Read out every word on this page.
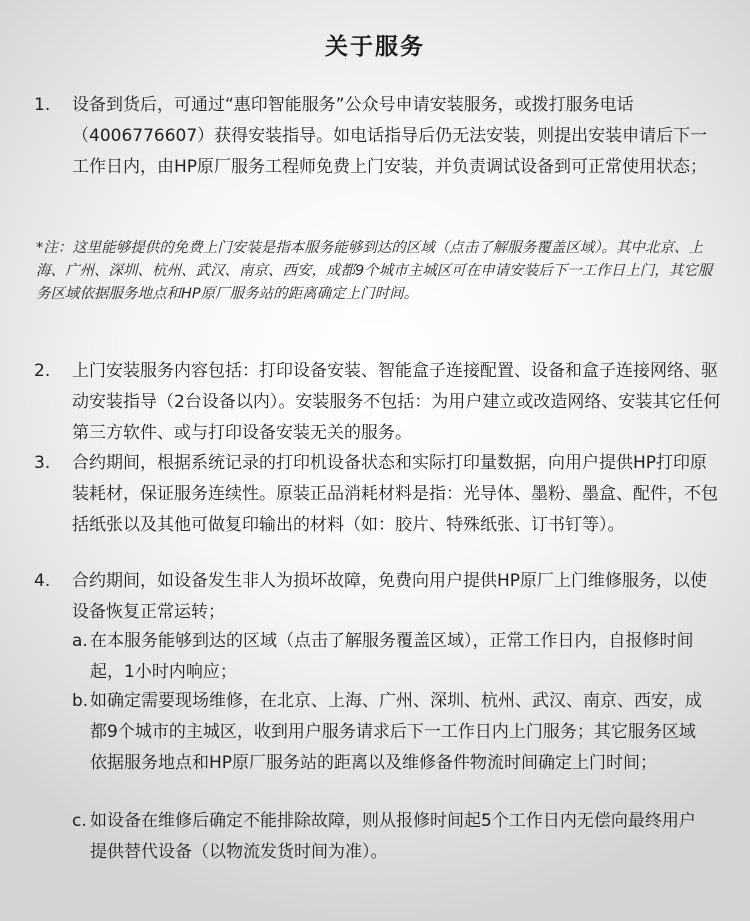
关于服务
1.	设备到货后，可通过“惠印智能服务”公众号申请安装服务，或拨打服务电话（4006776607）获得安装指导。如电话指导后仍无法安装，则提出安装申请后下一工作日内，由HP原厂服务工程师免费上门安装，并负责调试设备到可正常使用状态；
*注：这里能够提供的免费上门安装是指本服务能够到达的区域（点击了解服务覆盖区域）。其中北京、上海、广州、深圳、杭州、武汉、南京、西安，成都9个城市主城区可在申请安装后下一工作日上门，其它服务区域依据服务地点和HP原厂服务站的距离确定上门时间。
2.	上门安装服务内容包括：打印设备安装、智能盒子连接配置、设备和盒子连接网络、驱动安装指导（2台设备以内）。安装服务不包括：为用户建立或改造网络、安装其它任何第三方软件、或与打印设备安装无关的服务。
3.	合约期间，根据系统记录的打印机设备状态和实际打印量数据，向用户提供HP打印原装耗材，保证服务连续性。原装正品消耗材料是指：光导体、墨粉、墨盒、配件，不包括纸张以及其他可做复印输出的材料（如：胶片、特殊纸张、订书钉等）。
4.	合约期间，如设备发生非人为损坏故障，免费向用户提供HP原厂上门维修服务，以使设备恢复正常运转；
a. 在本服务能够到达的区域（点击了解服务覆盖区域），正常工作日内，自报修时间起，1小时内响应；
b. 如确定需要现场维修，在北京、上海、广州、深圳、杭州、武汉、南京、西安，成都9个城市的主城区，收到用户服务请求后下一工作日内上门服务；其它服务区域依据服务地点和HP原厂服务站的距离以及维修备件物流时间确定上门时间；
c. 如设备在维修后确定不能排除故障，则从报修时间起5个工作日内无偿向最终用户提供替代设备（以物流发货时间为准）。
